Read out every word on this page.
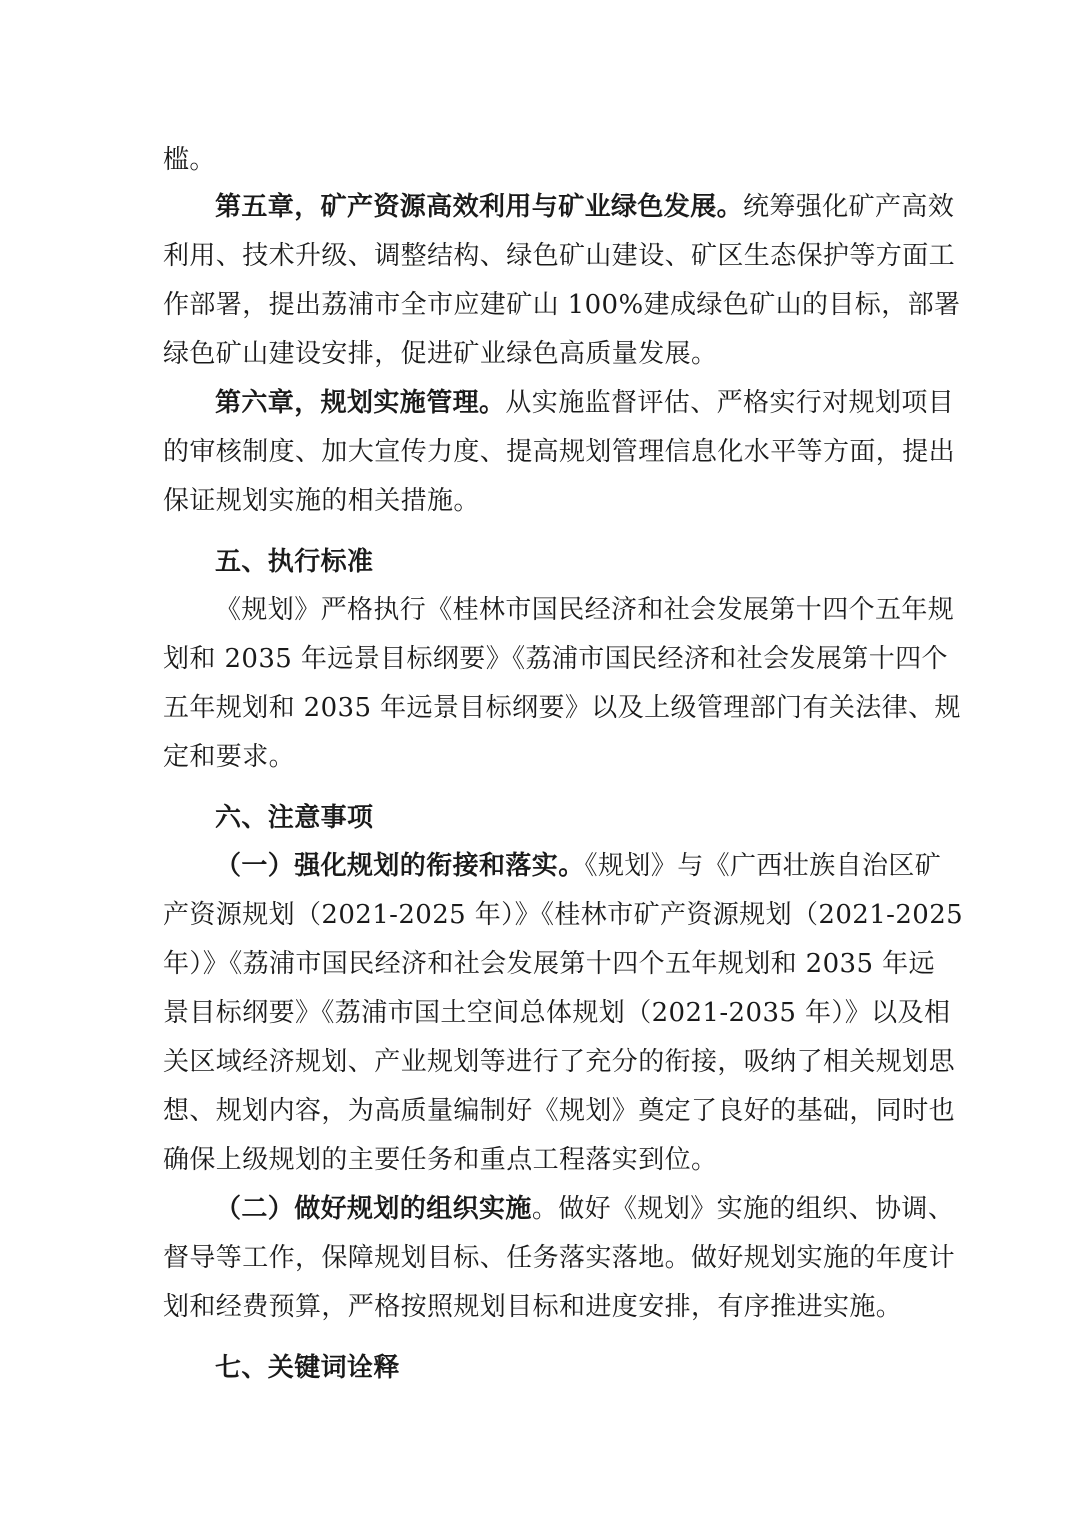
槛。
第五章，矿产资源高效利用与矿业绿色发展。统筹强化矿产高效
利用、技术升级、调整结构、绿色矿山建设、矿区生态保护等方面工
作部署，提出荔浦市全市应建矿山 100%建成绿色矿山的目标，部署
绿色矿山建设安排，促进矿业绿色高质量发展。
第六章，规划实施管理。从实施监督评估、严格实行对规划项目
的审核制度、加大宣传力度、提高规划管理信息化水平等方面，提出
保证规划实施的相关措施。
五、执行标准
《规划》严格执行《桂林市国民经济和社会发展第十四个五年规
划和 2035 年远景目标纲要》《荔浦市国民经济和社会发展第十四个
五年规划和 2035 年远景目标纲要》以及上级管理部门有关法律、规
定和要求。
六、注意事项
（一）强化规划的衔接和落实。《规划》与《广西壮族自治区矿
产资源规划（2021-2025 年）》《桂林市矿产资源规划（2021-2025
年）》《荔浦市国民经济和社会发展第十四个五年规划和 2035 年远
景目标纲要》《荔浦市国土空间总体规划（2021-2035 年）》以及相
关区域经济规划、产业规划等进行了充分的衔接，吸纳了相关规划思
想、规划内容，为高质量编制好《规划》奠定了良好的基础，同时也
确保上级规划的主要任务和重点工程落实到位。
（二）做好规划的组织实施。做好《规划》实施的组织、协调、
督导等工作，保障规划目标、任务落实落地。做好规划实施的年度计
划和经费预算，严格按照规划目标和进度安排，有序推进实施。
七、关键词诠释
